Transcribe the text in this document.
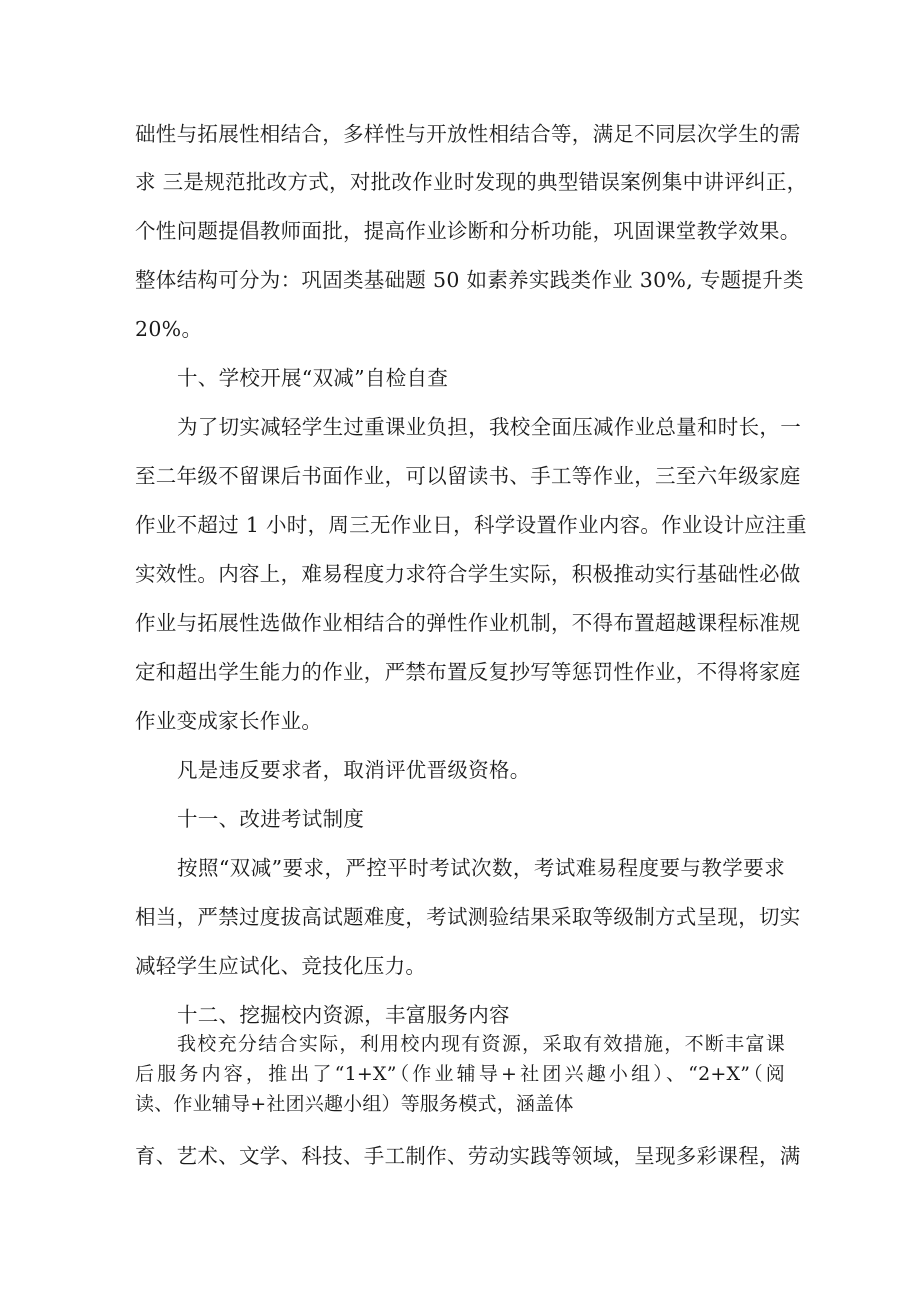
础性与拓展性相结合，多样性与开放性相结合等，满足不同层次学生的需
求 三是规范批改方式，对批改作业时发现的典型错误案例集中讲评纠正，
个性问题提倡教师面批，提高作业诊断和分析功能，巩固课堂教学效果。
整体结构可分为：巩固类基础题 50 如素养实践类作业 30%, 专题提升类
20%。
十、学校开展“双减”自检自查
为了切实减轻学生过重课业负担，我校全面压减作业总量和时长，一
至二年级不留课后书面作业，可以留读书、手工等作业，三至六年级家庭
作业不超过 1 小时，周三无作业日，科学设置作业内容。作业设计应注重
实效性。内容上，难易程度力求符合学生实际，积极推动实行基础性必做
作业与拓展性选做作业相结合的弹性作业机制，不得布置超越课程标准规
定和超出学生能力的作业，严禁布置反复抄写等惩罚性作业，不得将家庭
作业变成家长作业。
凡是违反要求者，取消评优晋级资格。
十一、改进考试制度
按照“双减”要求，严控平时考试次数，考试难易程度要与教学要求
相当，严禁过度拔高试题难度，考试测验结果采取等级制方式呈现，切实
减轻学生应试化、竞技化压力。
十二、挖掘校内资源，丰富服务内容
我校充分结合实际，利用校内现有资源，采取有效措施，不断丰富课
后服务内容，推出了“1+X”（作业辅导+社团兴趣小组）、“2+X”（阅
读、作业辅导+社团兴趣小组）等服务模式，涵盖体
育、艺术、文学、科技、手工制作、劳动实践等领域，呈现多彩课程，满
